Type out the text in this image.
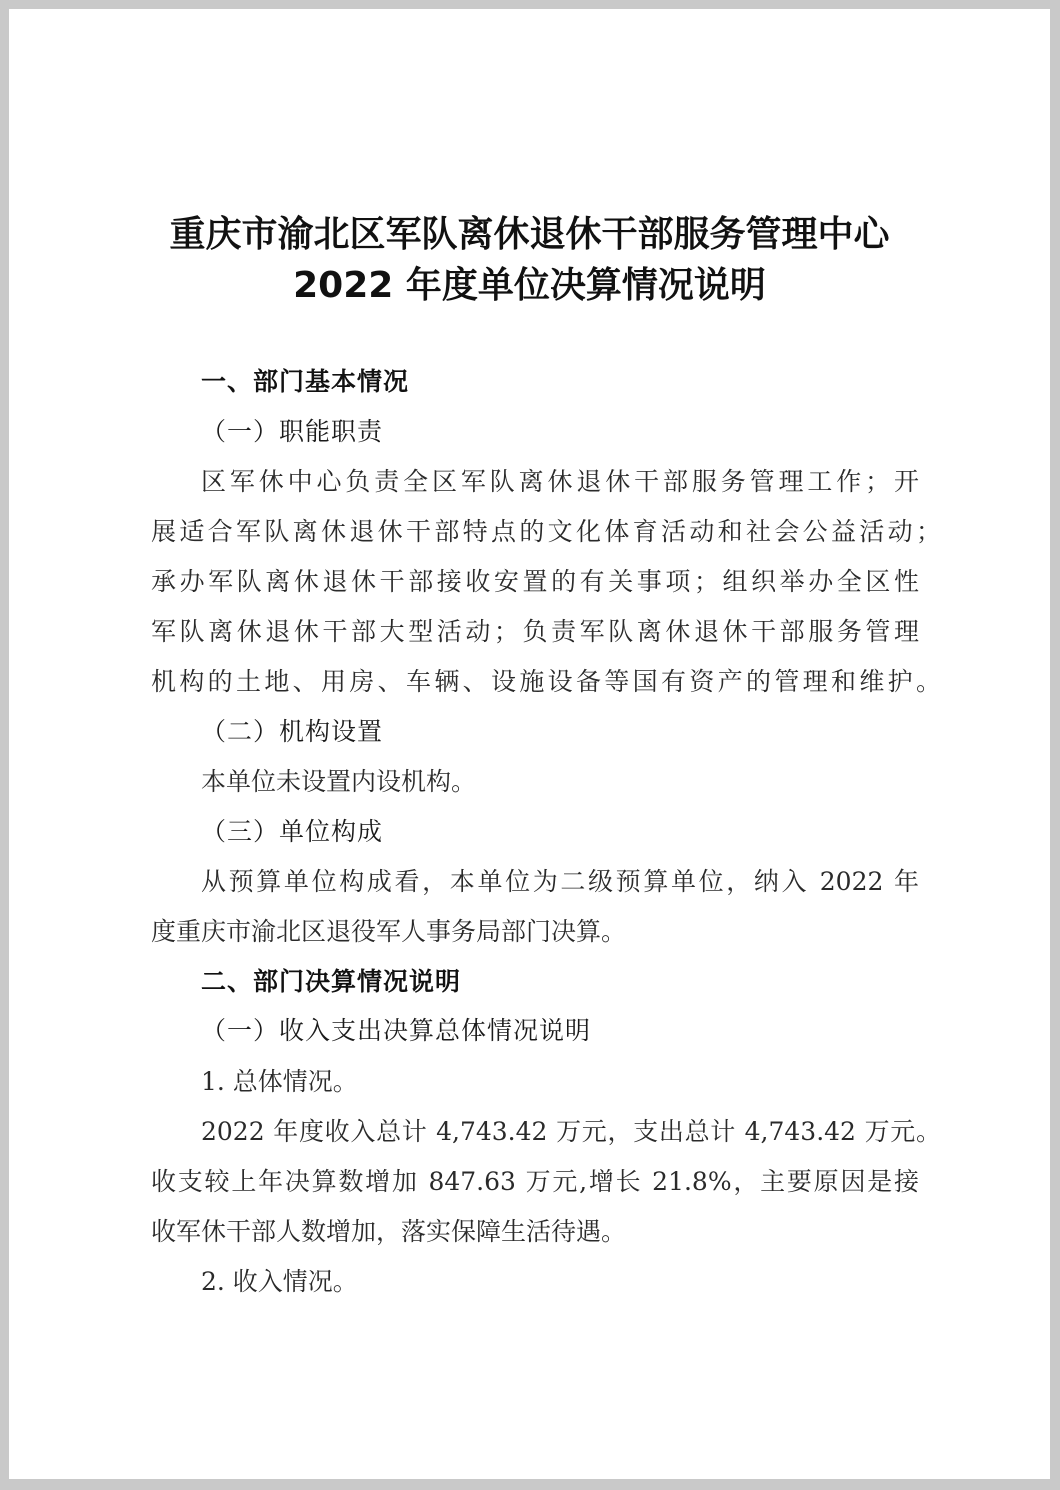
重庆市渝北区军队离休退休干部服务管理中心
2022 年度单位决算情况说明
一、部门基本情况
（一）职能职责
区军休中心负责全区军队离休退休干部服务管理工作；开
展适合军队离休退休干部特点的文化体育活动和社会公益活动；
承办军队离休退休干部接收安置的有关事项；组织举办全区性
军队离休退休干部大型活动；负责军队离休退休干部服务管理
机构的土地、用房、车辆、设施设备等国有资产的管理和维护。
（二）机构设置
本单位未设置内设机构。
（三）单位构成
从预算单位构成看，本单位为二级预算单位，纳入 2022 年
度重庆市渝北区退役军人事务局部门决算。
二、部门决算情况说明
（一）收入支出决算总体情况说明
1. 总体情况。
2022 年度收入总计 4,743.42 万元，支出总计 4,743.42 万元。
收支较上年决算数增加 847.63 万元,增长 21.8%，主要原因是接
收军休干部人数增加，落实保障生活待遇。
2. 收入情况。
